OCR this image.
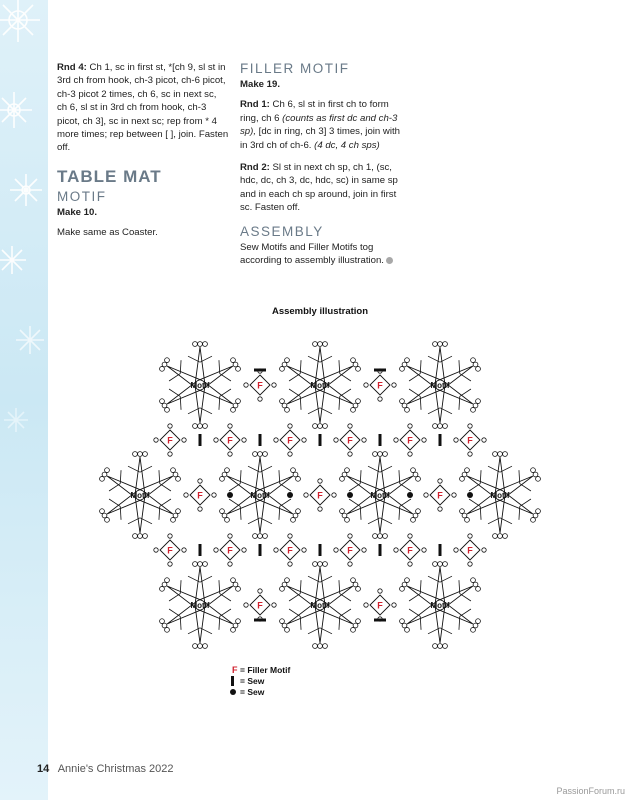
Rnd 4: Ch 1, sc in first st, *[ch 9, sl st in 3rd ch from hook, ch-3 picot, ch-6 picot, ch-3 picot 2 times, ch 6, sc in next sc, ch 6, sl st in 3rd ch from hook, ch-3 picot, ch 3], sc in next sc; rep from * 4 more times; rep between [ ], join. Fasten off.

TABLE MAT
MOTIF
Make 10.
Make same as Coaster.
FILLER MOTIF
Make 19.

Rnd 1: Ch 6, sl st in first ch to form ring, ch 6 (counts as first dc and ch-3 sp), [dc in ring, ch 3] 3 times, join with in 3rd ch of ch-6. (4 dc, 4 ch sps)

Rnd 2: Sl st in next ch sp, ch 1, (sc, hdc, dc, ch 3, dc, hdc, sc) in same sp and in each ch sp around, join in first sc. Fasten off.

ASSEMBLY

Sew Motifs and Filler Motifs tog according to assembly illustration.

Assembly illustration
Motif	Motif	Motif
Motif	Motif	Motif	Motif
Motif	Motif	Motif
F	F
F	F	F	F	F	F
F	F	F
F	F	F	F	F	F
F	F
F = Filler Motif
= Sew
= Sew
14 Annie's Christmas 2022
PassionForum.ru
